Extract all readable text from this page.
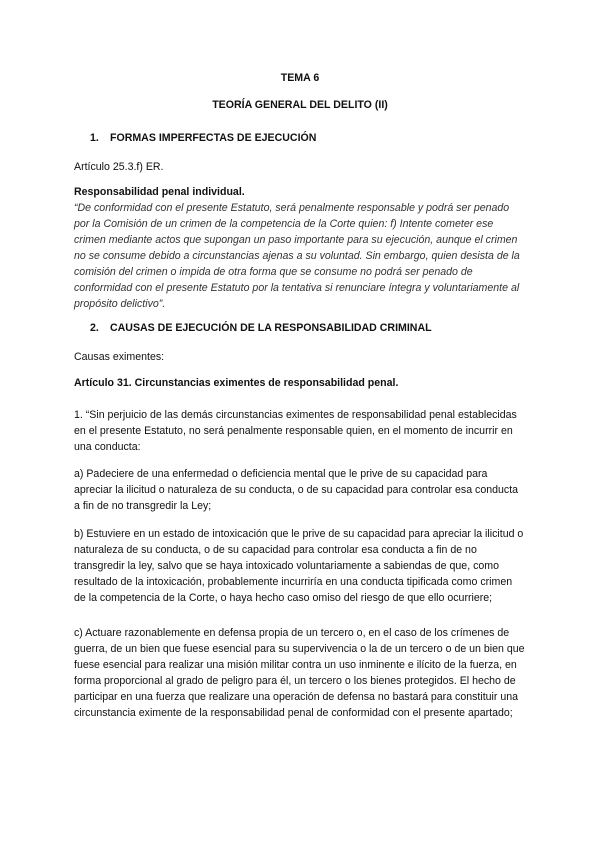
TEMA 6
TEORÍA GENERAL DEL DELITO (II)
1. FORMAS IMPERFECTAS DE EJECUCIÓN
Artículo 25.3.f) ER.
Responsabilidad penal individual.
“De conformidad con el presente Estatuto, será penalmente responsable y podrá ser penado por la Comisión de un crimen de la competencia de la Corte quien: f) Intente cometer ese crimen mediante actos que supongan un paso importante para su ejecución, aunque el crimen no se consume debido a circunstancias ajenas a su voluntad. Sin embargo, quien desista de la comisión del crimen o impida de otra forma que se consume no podrá ser penado de conformidad con el presente Estatuto por la tentativa si renunciare íntegra y voluntariamente al propósito delictivo”.
2. CAUSAS DE EJECUCIÓN DE LA RESPONSABILIDAD CRIMINAL
Causas eximentes:
Artículo 31. Circunstancias eximentes de responsabilidad penal.
1. “Sin perjuicio de las demás circunstancias eximentes de responsabilidad penal establecidas en el presente Estatuto, no será penalmente responsable quien, en el momento de incurrir en una conducta:
a) Padeciere de una enfermedad o deficiencia mental que le prive de su capacidad para apreciar la ilicitud o naturaleza de su conducta, o de su capacidad para controlar esa conducta a fin de no transgredir la Ley;
b) Estuviere en un estado de intoxicación que le prive de su capacidad para apreciar la ilicitud o naturaleza de su conducta, o de su capacidad para controlar esa conducta a fin de no transgredir la ley, salvo que se haya intoxicado voluntariamente a sabiendas de que, como resultado de la intoxicación, probablemente incurriría en una conducta tipificada como crimen de la competencia de la Corte, o haya hecho caso omiso del riesgo de que ello ocurriere;
c) Actuare razonablemente en defensa propia de un tercero o, en el caso de los crímenes de guerra, de un bien que fuese esencial para su supervivencia o la de un tercero o de un bien que fuese esencial para realizar una misión militar contra un uso inminente e ilícito de la fuerza, en forma proporcional al grado de peligro para él, un tercero o los bienes protegidos. El hecho de participar en una fuerza que realizare una operación de defensa no bastará para constituir una circunstancia eximente de la responsabilidad penal de conformidad con el presente apartado;
